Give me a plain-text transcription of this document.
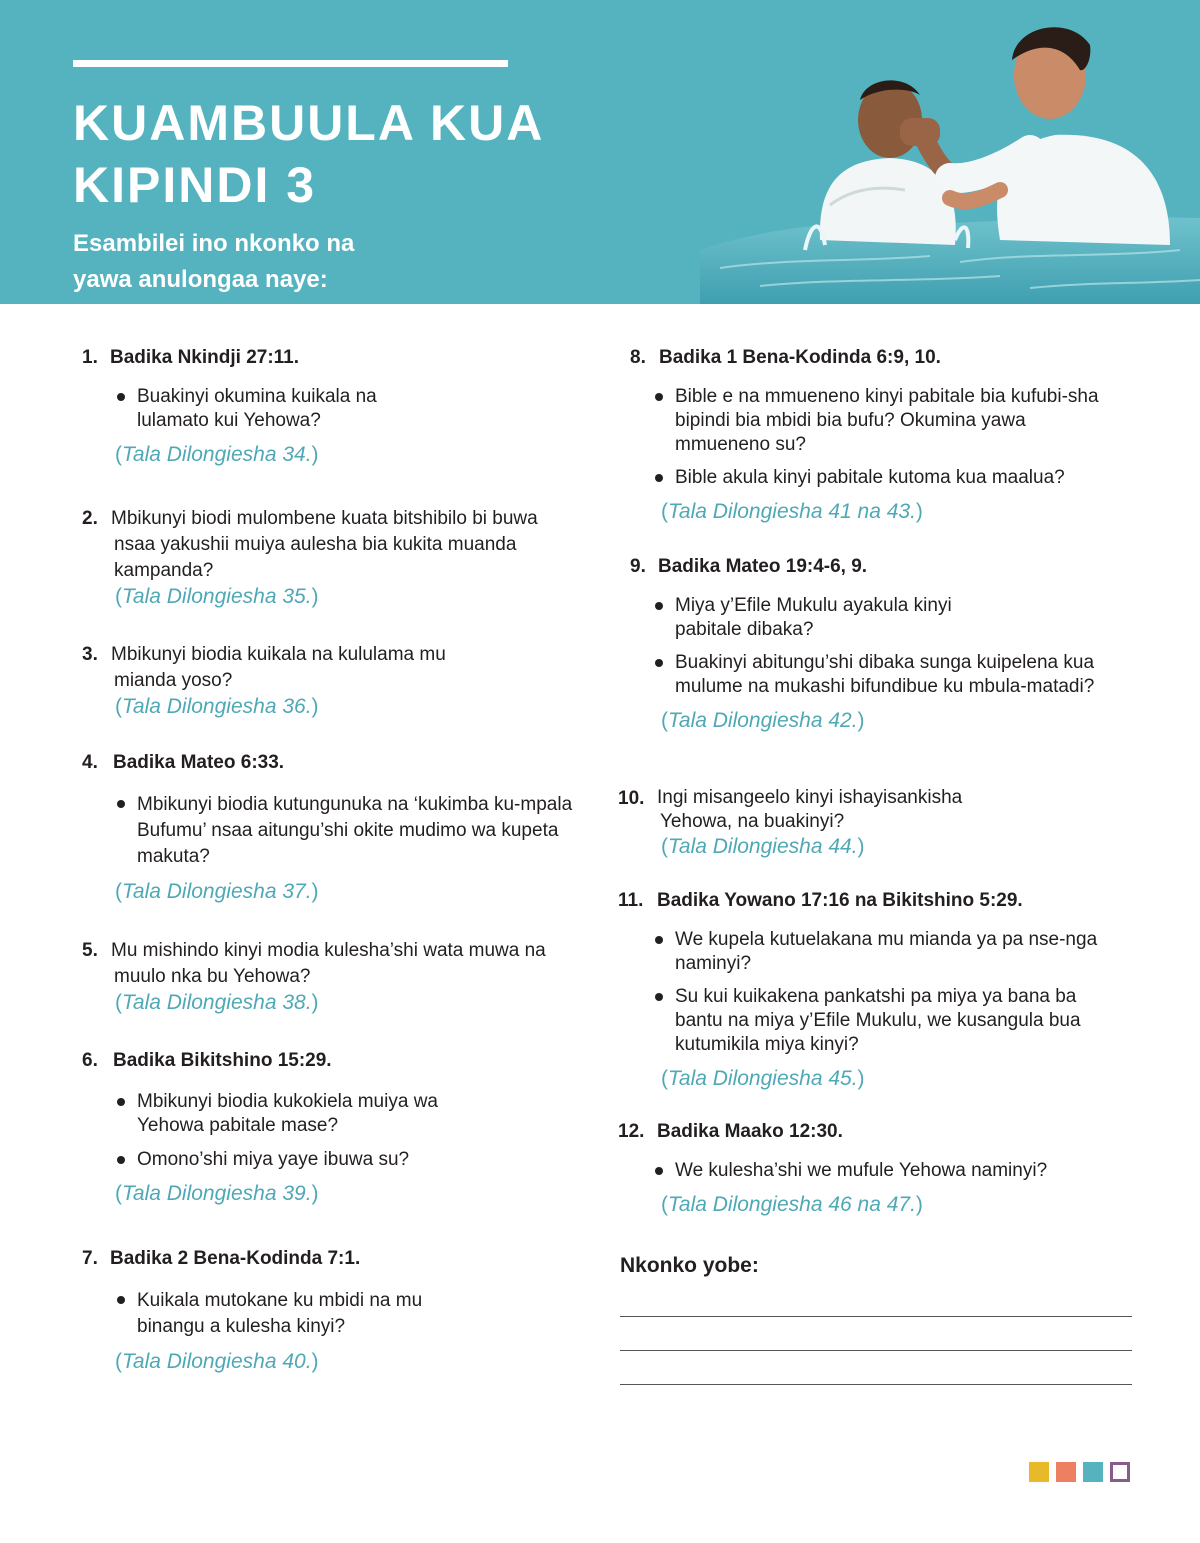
KUAMBUULA KUA
KIPINDI 3
Esambilei ino nkonko na
yawa anulongaa naye:
1. Badika Nkindji 27:11.
Buakinyi okumina kuikala na lulamato kui Yehowa?
(Tala Dilongiesha 34.)
2. Mbikunyi biodi mulombene kuata bitshibilo bi buwa nsaa yakushii muiya aulesha bia kukita muanda kampanda?
(Tala Dilongiesha 35.)
3. Mbikunyi biodia kuikala na kululama mu mianda yoso?
(Tala Dilongiesha 36.)
4. Badika Mateo 6:33.
Mbikunyi biodia kutungunuka na ‘kukimba ku-mpala Bufumu’ nsaa aitungu’shi okite mudimo wa kupeta makuta?
(Tala Dilongiesha 37.)
5. Mu mishindo kinyi modia kulesha’shi wata muwa na muulo nka bu Yehowa?
(Tala Dilongiesha 38.)
6. Badika Bikitshino 15:29.
Mbikunyi biodia kukokiela muiya wa Yehowa pabitale mase?
Omono’shi miya yaye ibuwa su?
(Tala Dilongiesha 39.)
7. Badika 2 Bena-Kodinda 7:1.
Kuikala mutokane ku mbidi na mu binangu a kulesha kinyi?
(Tala Dilongiesha 40.)
8. Badika 1 Bena-Kodinda 6:9, 10.
Bible e na mmueneno kinyi pabitale bia kufubi-sha bipindi bia mbidi bia bufu? Okumina yawa mmueneno su?
Bible akula kinyi pabitale kutoma kua maalua?
(Tala Dilongiesha 41 na 43.)
9. Badika Mateo 19:4-6, 9.
Miya y’Efile Mukulu ayakula kinyi pabitale dibaka?
Buakinyi abitungu’shi dibaka sunga kuipelena kua mulume na mukashi bifundibue ku mbula-matadi?
(Tala Dilongiesha 42.)
10. Ingi misangeelo kinyi ishayisankisha Yehowa, na buakinyi?
(Tala Dilongiesha 44.)
11. Badika Yowano 17:16 na Bikitshino 5:29.
We kupela kutuelakana mu mianda ya pa nse-nga naminyi?
Su kui kuikakena pankatshi pa miya ya bana ba bantu na miya y’Efile Mukulu, we kusangula bua kutumikila miya kinyi?
(Tala Dilongiesha 45.)
12. Badika Maako 12:30.
We kulesha’shi we mufule Yehowa naminyi?
(Tala Dilongiesha 46 na 47.)
Nkonko yobe:
